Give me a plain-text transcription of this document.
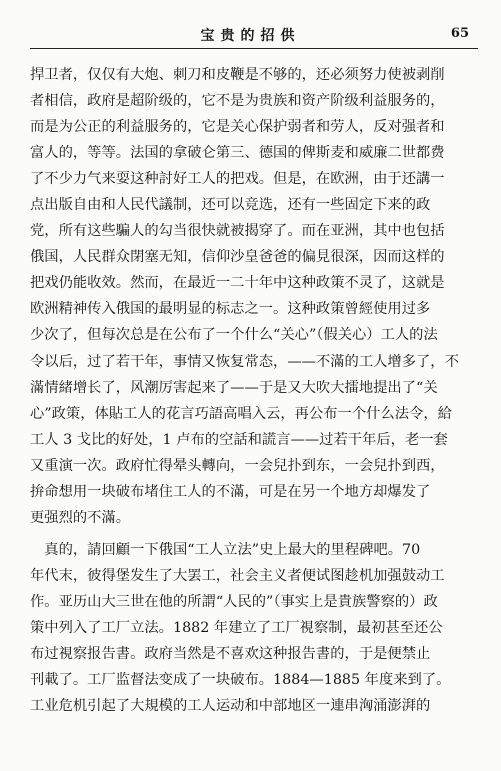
宝贵的招供	65
捍卫者，仅仅有大炮、刺刀和皮鞭是不够的，还必须努力使被剥削
者相信，政府是超阶级的，它不是为贵族和资产阶级利益服务的，
而是为公正的利益服务的，它是关心保护弱者和劳人，反对强者和
富人的，等等。法国的拿破仑第三、德国的俾斯麦和威廉二世都费
了不少力气来耍这种討好工人的把戏。但是，在欧洲，由于还講一
点出版自由和人民代議制，还可以竞选，还有一些固定下来的政
党，所有这些騙人的勾当很快就被揭穿了。而在亚洲，其中也包括
俄国，人民群众閉塞无知，信仰沙皇爸爸的偏見很深，因而这样的
把戏仍能收效。然而，在最近一二十年中这种政策不灵了，这就是
欧洲精神传入俄国的最明显的标志之一。这种政策曾經使用过多
少次了，但每次总是在公布了一个什么“关心”（假关心）工人的法
令以后，过了若干年，事情又恢复常态，——不滿的工人增多了，不
滿情緒增长了，风潮厉害起来了——于是又大吹大擂地提出了“关
心”政策，体貼工人的花言巧語高唱入云，再公布一个什么法令，給
工人 3 戈比的好处，1 卢布的空話和謊言——过若干年后，老一套
又重演一次。政府忙得晕头轉向，一会兒扑到东，一会兒扑到西，
拚命想用一块破布堵住工人的不滿，可是在另一个地方却爆发了
更强烈的不滿。
　真的，請回顧一下俄国“工人立法”史上最大的里程碑吧。70
年代末，彼得堡发生了大罢工，社会主义者便试图趁机加强鼓动工
作。亚历山大三世在他的所謂“人民的”（事实上是貴族警察的）政
策中列入了工厂立法。1882 年建立了工厂視察制，最初甚至还公
布过視察报告書。政府当然是不喜欢这种报告書的，于是便禁止
刊載了。工厂监督法变成了一块破布。1884—1885 年度来到了。
工业危机引起了大規模的工人运动和中部地区一連串洶涌澎湃的
